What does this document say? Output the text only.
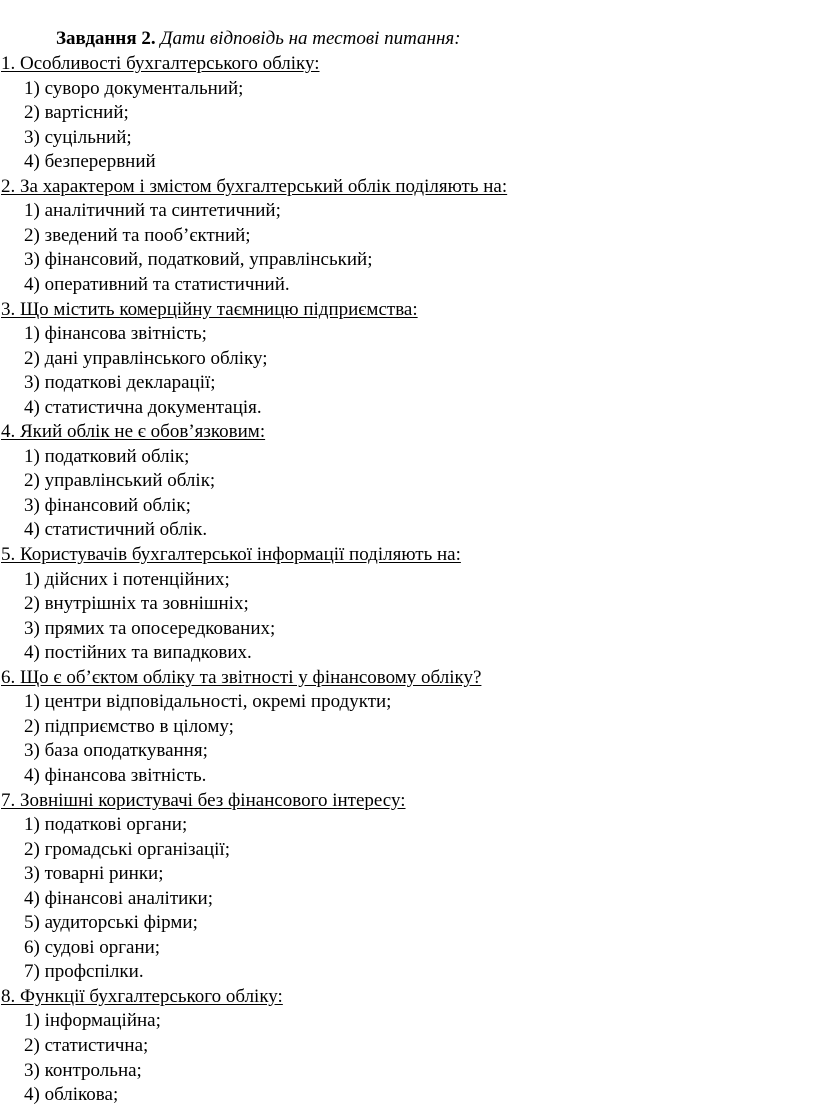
Завдання 2. Дати відповідь на тестові питання:
1. Особливості бухгалтерського обліку:
1) суворо документальний;
2) вартісний;
3) суцільний;
4) безперервний
2. За характером і змістом бухгалтерський облік поділяють на:
1) аналітичний та синтетичний;
2) зведений та пооб’єктний;
3) фінансовий, податковий, управлінський;
4) оперативний та статистичний.
3. Що містить комерційну таємницю підприємства:
1) фінансова звітність;
2) дані управлінського обліку;
3) податкові декларації;
4) статистична документація.
4. Який облік не є обов’язковим:
1) податковий облік;
2) управлінський облік;
3) фінансовий облік;
4) статистичний облік.
5. Користувачів бухгалтерської інформації поділяють на:
1) дійсних і потенційних;
2) внутрішніх та зовнішніх;
3) прямих та опосередкованих;
4) постійних та випадкових.
6. Що є об’єктом обліку та звітності у фінансовому обліку?
1) центри відповідальності, окремі продукти;
2) підприємство в цілому;
3) база оподаткування;
4) фінансова звітність.
7. Зовнішні користувачі без фінансового інтересу:
1) податкові органи;
2) громадські організації;
3) товарні ринки;
4) фінансові аналітики;
5) аудиторські фірми;
6) судові органи;
7) профспілки.
8. Функції бухгалтерського обліку:
1) інформаційна;
2) статистична;
3) контрольна;
4) облікова;
